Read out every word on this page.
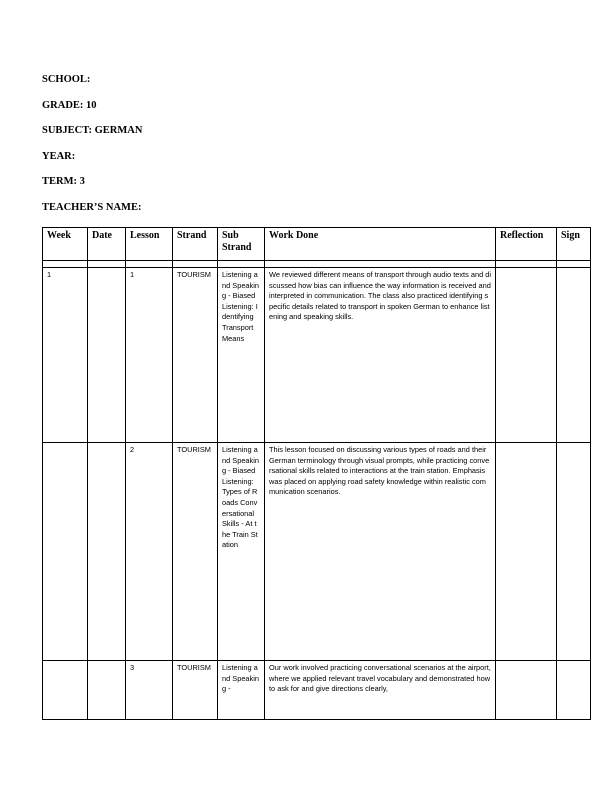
SCHOOL:
GRADE: 10
SUBJECT: GERMAN
YEAR:
TERM: 3
TEACHER’S NAME:
Week	Date	Lesson	Strand	Sub Strand	Work Done	Reflection	Sign

1		1	TOURISM	Listening and Speaking - Biased Listening: Identifying Transport Means	We reviewed different means of transport through audio texts and discussed how bias can influence the way information is received and interpreted in communication. The class also practiced identifying specific details related to transport in spoken German to enhance listening and speaking skills.		
		2	TOURISM	Listening and Speaking - Biased Listening: Types of Roads Conversational Skills - At the Train Station	This lesson focused on discussing various types of roads and their German terminology through visual prompts, while practicing conversational skills related to interactions at the train station. Emphasis was placed on applying road safety knowledge within realistic communication scenarios.		
		3	TOURISM	Listening and Speaking -	Our work involved practicing conversational scenarios at the airport, where we applied relevant travel vocabulary and demonstrated how to ask for and give directions clearly,		
